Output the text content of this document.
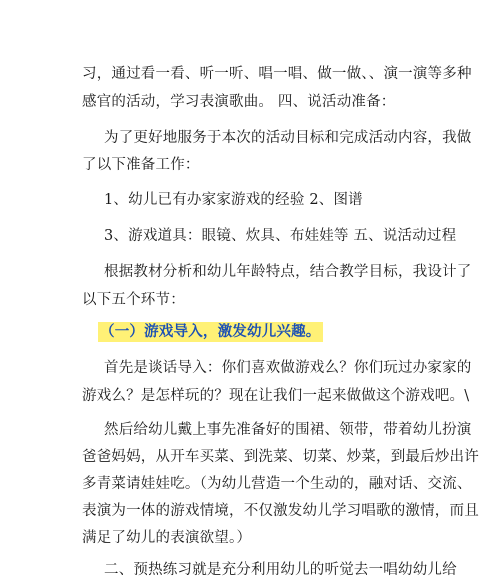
习，通过看一看、听一听、唱一唱、做一做、、演一演等多种
感官的活动，学习表演歌曲。 四、说活动准备：
为了更好地服务于本次的活动目标和完成活动内容，我做
了以下准备工作：
1、幼儿已有办家家游戏的经验 2、图谱
3、游戏道具：眼镜、炊具、布娃娃等 五、说活动过程
根据教材分析和幼儿年龄特点，结合教学目标，我设计了
以下五个环节：
（一）游戏导入，激发幼儿兴趣。
首先是谈话导入：你们喜欢做游戏么？你们玩过办家家的
游戏么？是怎样玩的？现在让我们一起来做做这个游戏吧。\
然后给幼儿戴上事先准备好的围裙、领带，带着幼儿扮演
爸爸妈妈，从开车买菜、到洗菜、切菜、炒菜，到最后炒出许
多青菜请娃娃吃。（为幼儿营造一个生动的，融对话、交流、
表演为一体的游戏情境，不仅激发幼儿学习唱歌的激情，而且
满足了幼儿的表演欲望。）
二、预热练习就是充分利用幼儿的听觉去一唱幼幼儿给
